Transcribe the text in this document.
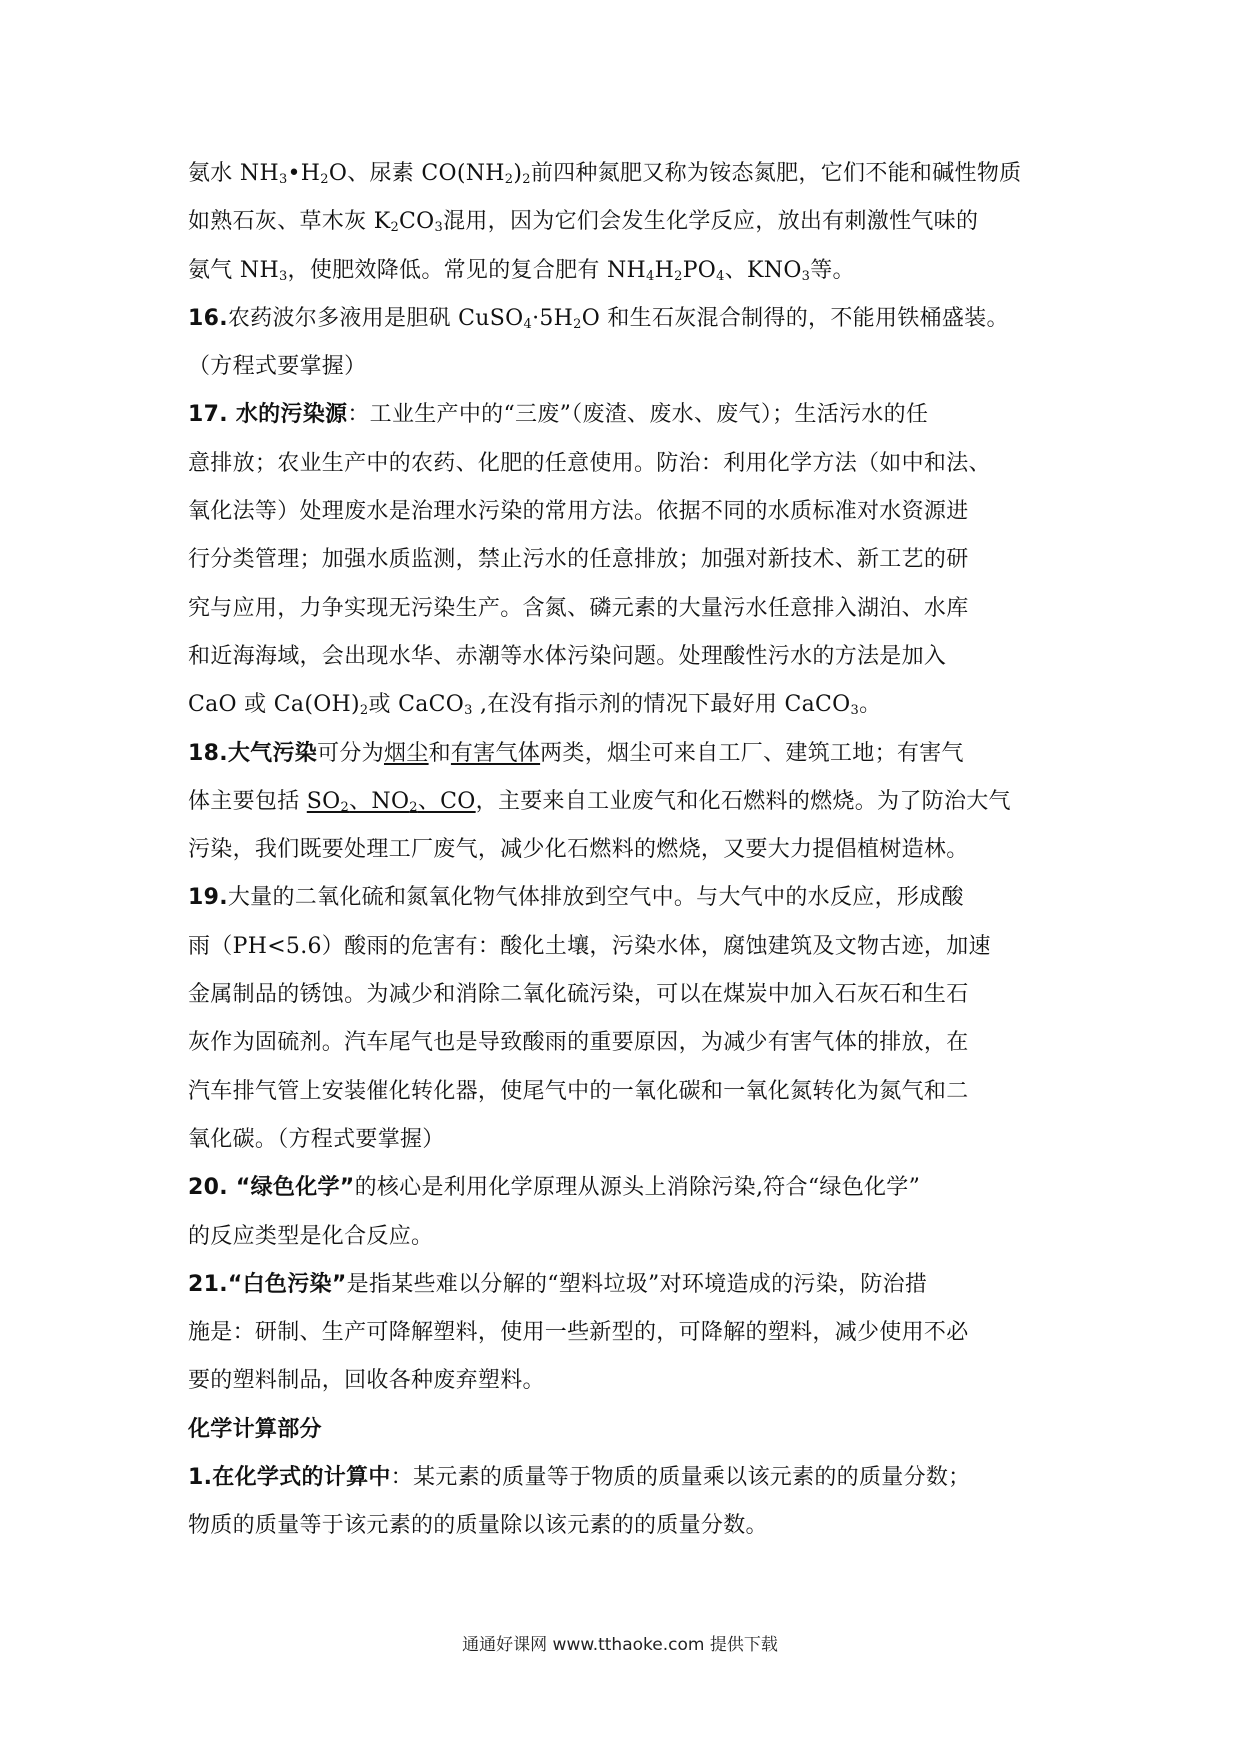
氨水 $NH_3•H_2O$、尿素 $CO(NH_2)_2$前四种氮肥又称为铵态氮肥，它们不能和碱性物质
如熟石灰、草木灰 $K_2CO_3$混用，因为它们会发生化学反应，放出有刺激性气味的
氨气 $NH_3$，使肥效降低。常见的复合肥有 $NH_4H_2PO_4$、$KNO_3$等。
16.农药波尔多液用是胆矾 $CuSO_4\cdot 5H_2O$ 和生石灰混合制得的，不能用铁桶盛装。
（方程式要掌握）
17. 水的污染源：工业生产中的“三废”（废渣、废水、废气）；生活污水的任
意排放；农业生产中的农药、化肥的任意使用。防治：利用化学方法（如中和法、
氧化法等）处理废水是治理水污染的常用方法。依据不同的水质标准对水资源进
行分类管理；加强水质监测，禁止污水的任意排放；加强对新技术、新工艺的研
究与应用，力争实现无污染生产。含氮、磷元素的大量污水任意排入湖泊、水库
和近海海域，会出现水华、赤潮等水体污染问题。处理酸性污水的方法是加入
CaO 或 $Ca(OH)_2$或 CaCO$_3$ ,在没有指示剂的情况下最好用 CaCO$_3$。
18.大气污染可分为烟尘和有害气体两类，烟尘可来自工厂、建筑工地；有害气
体主要包括 $SO_2$、$NO_2$、CO，主要来自工业废气和化石燃料的燃烧。为了防治大气
污染，我们既要处理工厂废气，减少化石燃料的燃烧，又要大力提倡植树造林。
19.大量的二氧化硫和氮氧化物气体排放到空气中。与大气中的水反应，形成酸
雨（PH<5.6）酸雨的危害有：酸化土壤，污染水体，腐蚀建筑及文物古迹，加速
金属制品的锈蚀。为减少和消除二氧化硫污染，可以在煤炭中加入石灰石和生石
灰作为固硫剂。汽车尾气也是导致酸雨的重要原因，为减少有害气体的排放，在
汽车排气管上安装催化转化器，使尾气中的一氧化碳和一氧化氮转化为氮气和二
氧化碳。（方程式要掌握）
20. “绿色化学”的核心是利用化学原理从源头上消除污染,符合“绿色化学”
的反应类型是化合反应。
21.“白色污染”是指某些难以分解的“塑料垃圾”对环境造成的污染，防治措
施是：研制、生产可降解塑料，使用一些新型的，可降解的塑料，减少使用不必
要的塑料制品，回收各种废弃塑料。
化学计算部分
1.在化学式的计算中：某元素的质量等于物质的质量乘以该元素的的质量分数；
物质的质量等于该元素的的质量除以该元素的的质量分数。
通通好课网 www.tthaoke.com 提供下载
